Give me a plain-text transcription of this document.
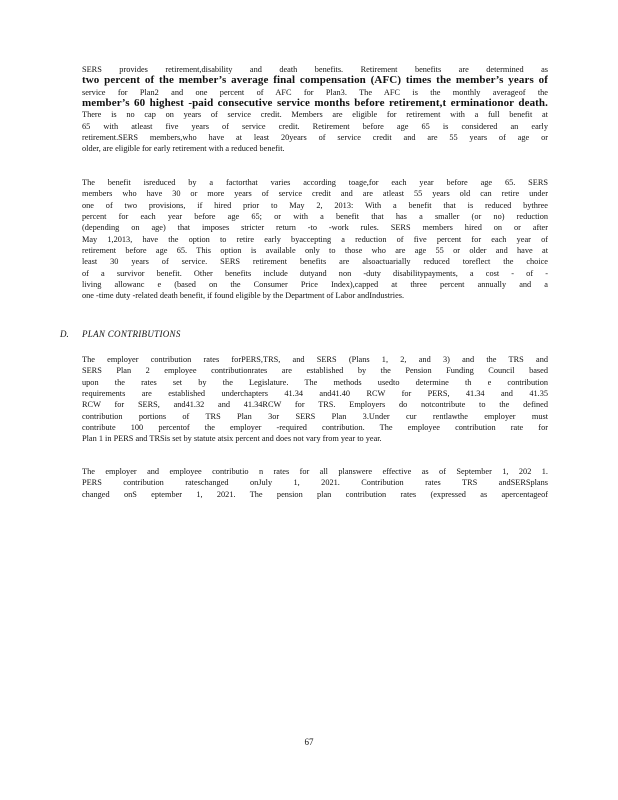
SERS provides retirement,disability and death benefits. Retirement benefits are determined as
two percent of the member’s average final compensation (AFC) times the member’s years of
service for Plan2 and one percent of AFC for Plan3. The AFC is the monthly averageof the
member’s 60 highest -paid consecutive service months before retirement,t erminationor death.
There is no cap on years of service credit. Members are eligible for retirement with a full benefit at
65 with atleast five years of service credit. Retirement before age 65 is considered an early
retirement.SERS members,who have at least 20years of service credit and are 55 years of age or
older, are eligible for early retirement with a reduced benefit.
The benefit isreduced by a factorthat varies according toage,for each year before age 65. SERS
members who have 30 or more years of service credit and are atleast 55 years old can retire under
one of two provisions, if hired prior to May 2, 2013: With a benefit that is reduced bythree
percent for each year before age 65; or with a benefit that has a smaller (or no) reduction
(depending on age) that imposes stricter return -to -work rules. SERS members hired on or after
May 1,2013, have the option to retire early byaccepting a reduction of five percent for each year of
retirement before age 65. This option is available only to those who are age 55 or older and have at
least 30 years of service. SERS retirement benefits are alsoactuarially reduced toreflect the choice
of a survivor benefit. Other benefits include dutyand non -duty disabilitypayments, a cost - of -
living allowanc e (based on the Consumer Price Index),capped at three percent annually and a
one -time duty -related death benefit, if found eligible by the Department of Labor andIndustries.
D. PLAN CONTRIBUTIONS
The employer contribution rates forPERS,TRS, and SERS (Plans 1, 2, and 3) and the TRS and
SERS Plan 2 employee contributionrates are established by the Pension Funding Council based
upon the rates set by the Legislature. The methods usedto determine th e contribution
requirements are established underchapters 41.34 and41.40 RCW for PERS, 41.34 and 41.35
RCW for SERS, and41.32 and 41.34RCW for TRS. Employers do notcontribute to the defined
contribution portions of TRS Plan 3or SERS Plan 3.Under cur rentlawthe employer must
contribute 100 percentof the employer -required contribution. The employee contribution rate for
Plan 1 in PERS and TRSis set by statute atsix percent and does not vary from year to year.
The employer and employee contributio n rates for all planswere effective as of September 1, 202 1.
PERS contribution rateschanged onJuly 1, 2021. Contribution rates TRS andSERSplans
changed onS eptember 1, 2021. The pension plan contribution rates (expressed as apercentageof
67
